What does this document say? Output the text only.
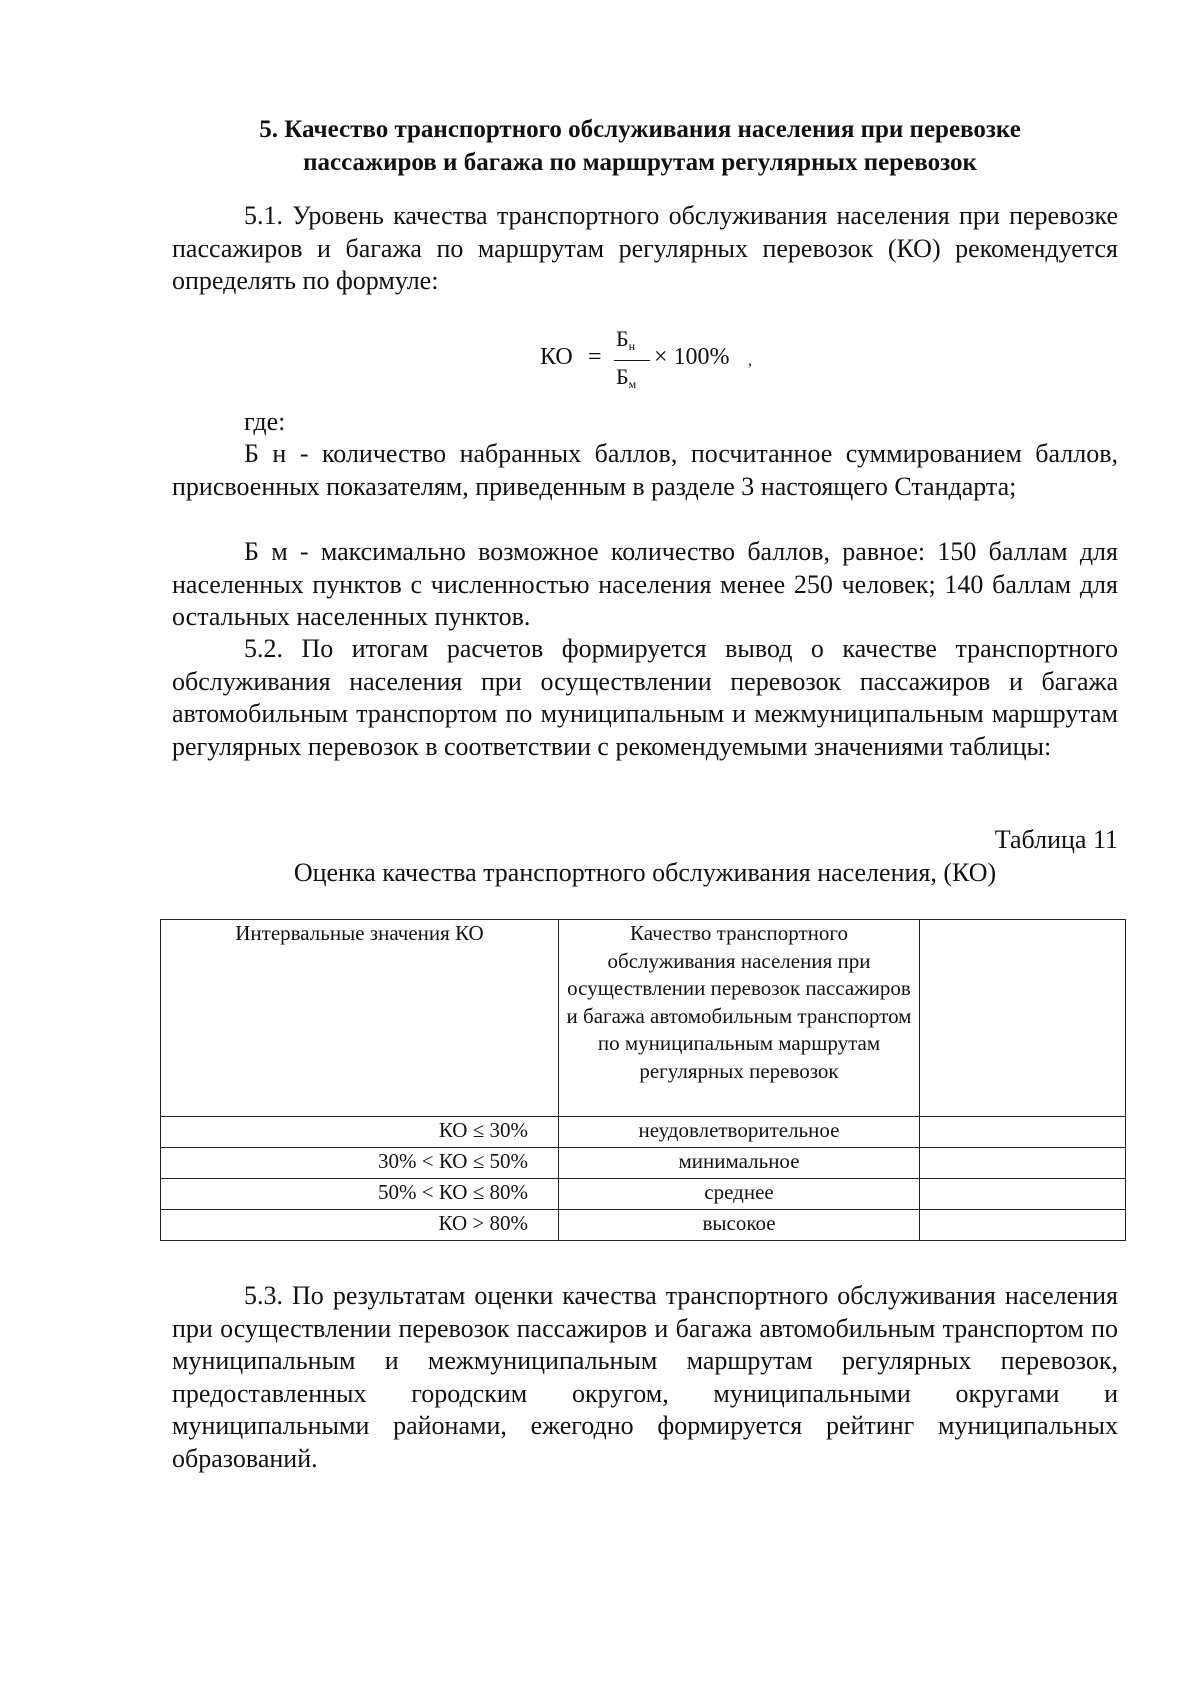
5. Качество транспортного обслуживания населения при перевозке
пассажиров и багажа по маршрутам регулярных перевозок
5.1. Уровень качества транспортного обслуживания населения при перевозке пассажиров и багажа по маршрутам регулярных перевозок (КО) рекомендуется определять по формуле:
КО =
$Б_н$
$Б_м$
× 100% ,
где:
Б н - количество набранных баллов, посчитанное суммированием баллов, присвоенных показателям, приведенным в разделе 3 настоящего Стандарта;
Б м - максимально возможное количество баллов, равное: 150 баллам для населенных пунктов с численностью населения менее 250 человек; 140 баллам для остальных населенных пунктов.
5.2. По итогам расчетов формируется вывод о качестве транспортного обслуживания населения при осуществлении перевозок пассажиров и багажа автомобильным транспортом по муниципальным и межмуниципальным маршрутам регулярных перевозок в соответствии с рекомендуемыми значениями таблицы:
Таблица 11
Оценка качества транспортного обслуживания населения, (КО)
Интервальные значения КО	Качество транспортного обслуживания населения при осуществлении перевозок пассажиров и багажа автомобильным транспортом по муниципальным маршрутам регулярных перевозок	
КО ≤ 30%	неудовлетворительное	
30% < КО ≤ 50%	минимальное	
50% < КО ≤ 80%	среднее	
КО > 80%	высокое	
5.3. По результатам оценки качества транспортного обслуживания населения при осуществлении перевозок пассажиров и багажа автомобильным транспортом по муниципальным и межмуниципальным маршрутам регулярных перевозок, предоставленных городским округом, муниципальными округами и муниципальными районами, ежегодно формируется рейтинг муниципальных образований.
